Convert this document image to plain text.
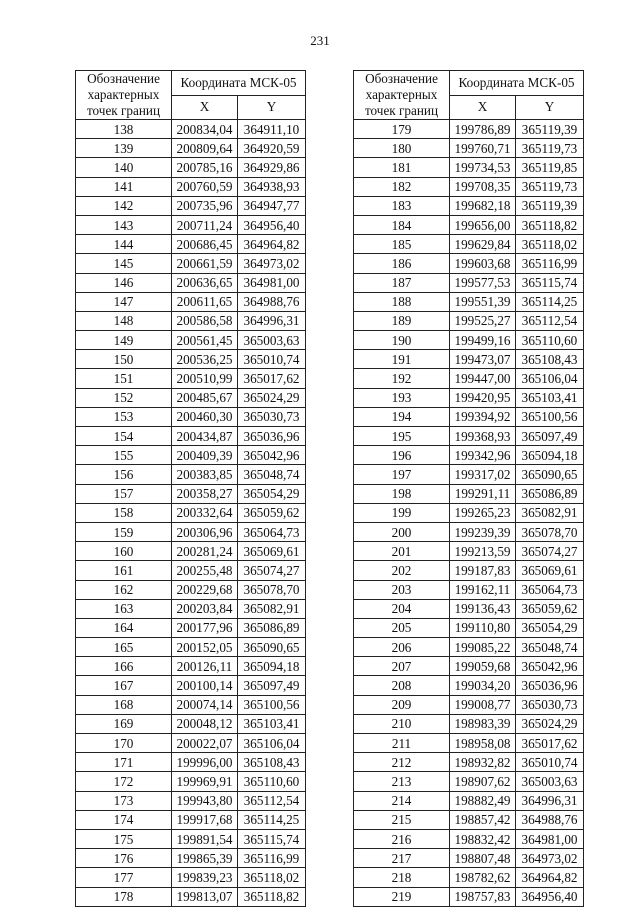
231
Обозначение характерных точек границ	Координата МСК-05	
	X	Y
138	200834,04	364911,10
139	200809,64	364920,59
140	200785,16	364929,86
141	200760,59	364938,93
142	200735,96	364947,77
143	200711,24	364956,40
144	200686,45	364964,82
145	200661,59	364973,02
146	200636,65	364981,00
147	200611,65	364988,76
148	200586,58	364996,31
149	200561,45	365003,63
150	200536,25	365010,74
151	200510,99	365017,62
152	200485,67	365024,29
153	200460,30	365030,73
154	200434,87	365036,96
155	200409,39	365042,96
156	200383,85	365048,74
157	200358,27	365054,29
158	200332,64	365059,62
159	200306,96	365064,73
160	200281,24	365069,61
161	200255,48	365074,27
162	200229,68	365078,70
163	200203,84	365082,91
164	200177,96	365086,89
165	200152,05	365090,65
166	200126,11	365094,18
167	200100,14	365097,49
168	200074,14	365100,56
169	200048,12	365103,41
170	200022,07	365106,04
171	199996,00	365108,43
172	199969,91	365110,60
173	199943,80	365112,54
174	199917,68	365114,25
175	199891,54	365115,74
176	199865,39	365116,99
177	199839,23	365118,02
178	199813,07	365118,82
Обозначение характерных точек границ	Координата МСК-05	
	X	Y
179	199786,89	365119,39
180	199760,71	365119,73
181	199734,53	365119,85
182	199708,35	365119,73
183	199682,18	365119,39
184	199656,00	365118,82
185	199629,84	365118,02
186	199603,68	365116,99
187	199577,53	365115,74
188	199551,39	365114,25
189	199525,27	365112,54
190	199499,16	365110,60
191	199473,07	365108,43
192	199447,00	365106,04
193	199420,95	365103,41
194	199394,92	365100,56
195	199368,93	365097,49
196	199342,96	365094,18
197	199317,02	365090,65
198	199291,11	365086,89
199	199265,23	365082,91
200	199239,39	365078,70
201	199213,59	365074,27
202	199187,83	365069,61
203	199162,11	365064,73
204	199136,43	365059,62
205	199110,80	365054,29
206	199085,22	365048,74
207	199059,68	365042,96
208	199034,20	365036,96
209	199008,77	365030,73
210	198983,39	365024,29
211	198958,08	365017,62
212	198932,82	365010,74
213	198907,62	365003,63
214	198882,49	364996,31
215	198857,42	364988,76
216	198832,42	364981,00
217	198807,48	364973,02
218	198782,62	364964,82
219	198757,83	364956,40
